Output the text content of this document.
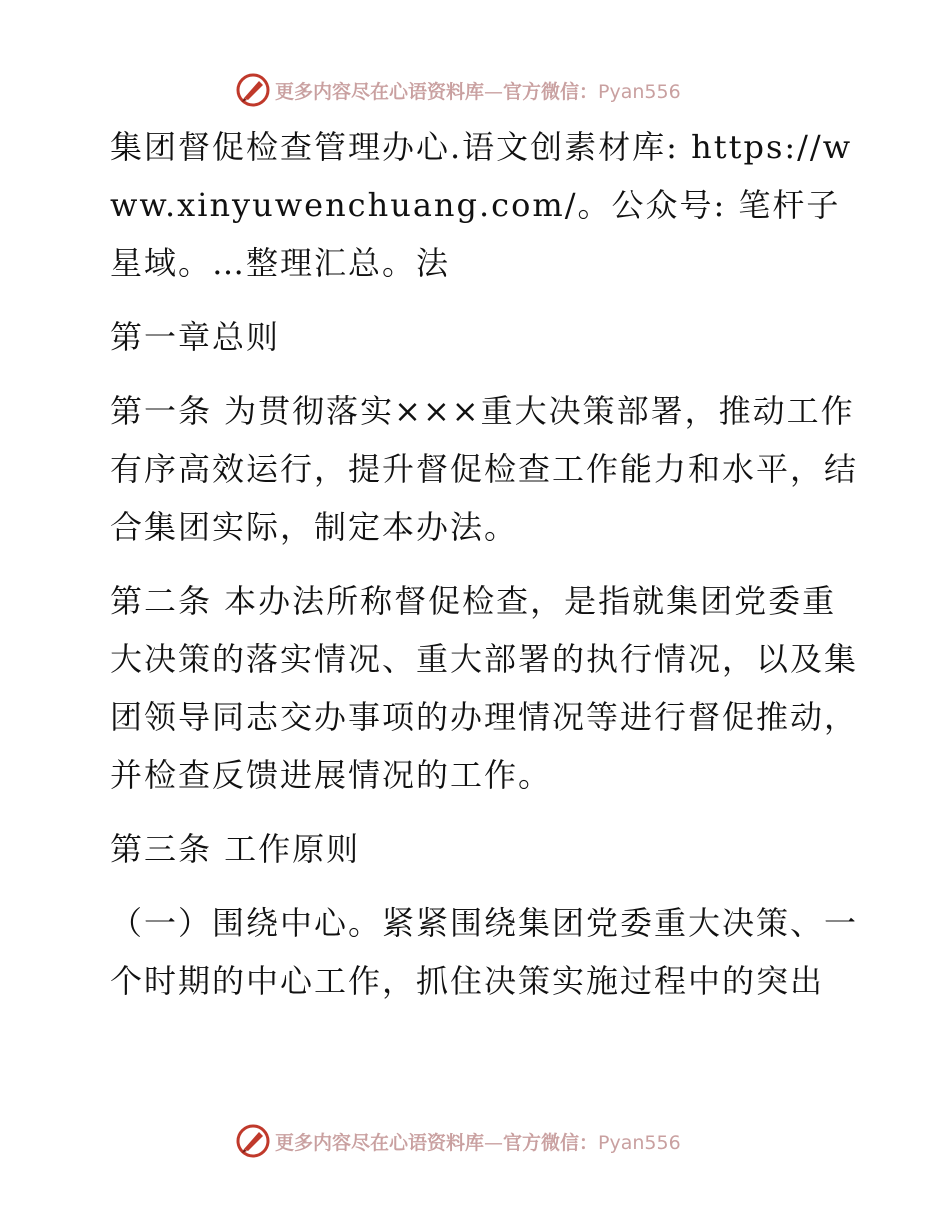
更多内容尽在心语资料库—官方微信：Pyan556

集团督促检查管理办心.语文创素材库: https://www.xinyuwenchuang.com/。公众号: 笔杆子星域。…整理汇总。法

第一章总则

第一条 为贯彻落实×××重大决策部署，推动工作有序高效运行，提升督促检查工作能力和水平，结合集团实际，制定本办法。

第二条 本办法所称督促检查，是指就集团党委重大决策的落实情况、重大部署的执行情况，以及集团领导同志交办事项的办理情况等进行督促推动，并检查反馈进展情况的工作。

第三条 工作原则

（一）围绕中心。紧紧围绕集团党委重大决策、一个时期的中心工作，抓住决策实施过程中的突出

更多内容尽在心语资料库—官方微信：Pyan556
